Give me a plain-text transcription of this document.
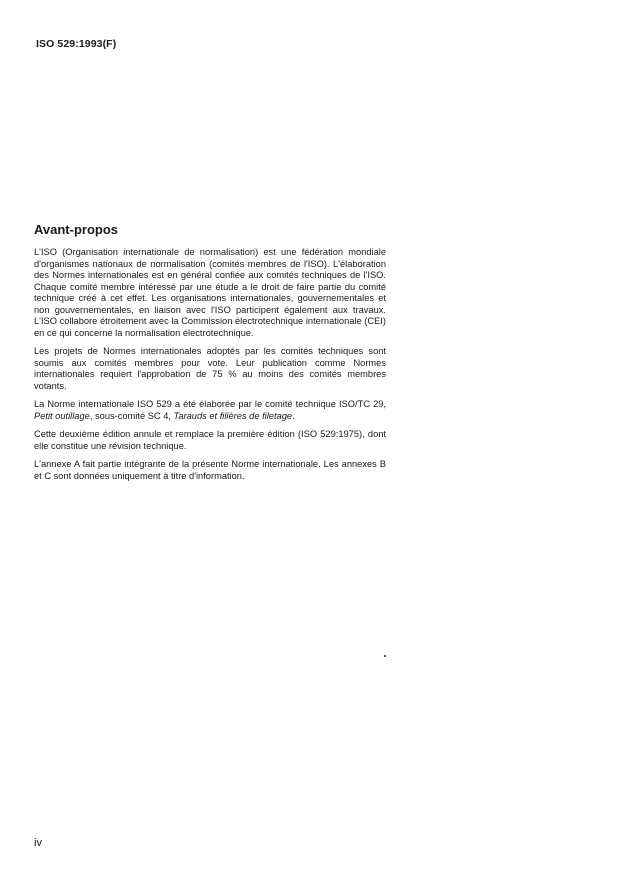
ISO 529:1993(F)
Avant-propos

L'ISO (Organisation internationale de normalisation) est une fédération mondiale d'organismes nationaux de normalisation (comités membres de l'ISO). L'élaboration des Normes internationales est en général confiée aux comités techniques de l'ISO. Chaque comité membre intéressé par une étude a le droit de faire partie du comité technique créé à cet effet. Les organisations internationales, gouvernementales et non gouvernementales, en liaison avec l'ISO participent également aux travaux. L'ISO collabore étroitement avec la Commission électrotechnique internationale (CEI) en ce qui concerne la normalisation électrotechnique.

Les projets de Normes internationales adoptés par les comités techniques sont soumis aux comités membres pour vote. Leur publication comme Normes internationales requiert l'approbation de 75 % au moins des comités membres votants.

La Norme internationale ISO 529 a été élaborée par le comité technique ISO/TC 29, Petit outillage, sous-comité SC 4, Tarauds et filières de filetage.

Cette deuxième édition annule et remplace la première édition (ISO 529:1975), dont elle constitue une révision technique.

L'annexe A fait partie intégrante de la présente Norme internationale. Les annexes B et C sont données uniquement à titre d'information.

iv
